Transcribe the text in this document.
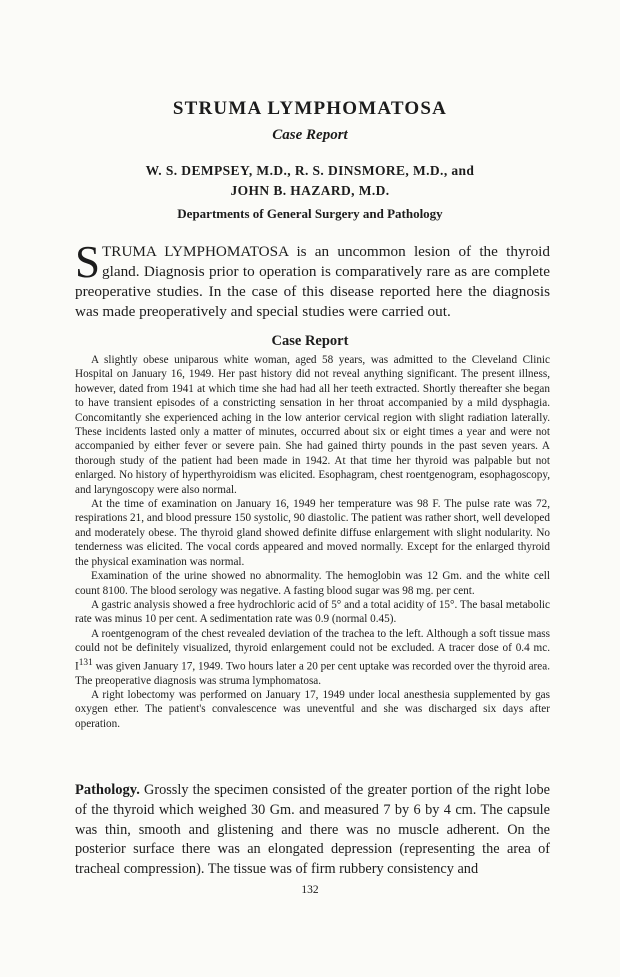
STRUMA LYMPHOMATOSA
Case Report
W. S. DEMPSEY, M.D., R. S. DINSMORE, M.D., and
JOHN B. HAZARD, M.D.

Departments of General Surgery and Pathology

STRUMA LYMPHOMATOSA is an uncommon lesion of the thyroid gland. Diagnosis prior to operation is comparatively rare as are complete preoperative studies. In the case of this disease reported here the diagnosis was made preoperatively and special studies were carried out.

Case Report

A slightly obese uniparous white woman, aged 58 years, was admitted to the Cleveland Clinic Hospital on January 16, 1949. Her past history did not reveal anything significant. The present illness, however, dated from 1941 at which time she had had all her teeth extracted. Shortly thereafter she began to have transient episodes of a constricting sensation in her throat accompanied by a mild dysphagia. Concomitantly she experienced aching in the low anterior cervical region with slight radiation laterally. These incidents lasted only a matter of minutes, occurred about six or eight times a year and were not accompanied by either fever or severe pain. She had gained thirty pounds in the past seven years. A thorough study of the patient had been made in 1942. At that time her thyroid was palpable but not enlarged. No history of hyperthyroidism was elicited. Esophagram, chest roentgenogram, esophagoscopy, and laryngoscopy were also normal.

At the time of examination on January 16, 1949 her temperature was 98 F. The pulse rate was 72, respirations 21, and blood pressure 150 systolic, 90 diastolic. The patient was rather short, well developed and moderately obese. The thyroid gland showed definite diffuse enlargement with slight nodularity. No tenderness was elicited. The vocal cords appeared and moved normally. Except for the enlarged thyroid the physical examination was normal.

Examination of the urine showed no abnormality. The hemoglobin was 12 Gm. and the white cell count 8100. The blood serology was negative. A fasting blood sugar was 98 mg. per cent.

A gastric analysis showed a free hydrochloric acid of 5° and a total acidity of 15°. The basal metabolic rate was minus 10 per cent. A sedimentation rate was 0.9 (normal 0.45).

A roentgenogram of the chest revealed deviation of the trachea to the left. Although a soft tissue mass could not be definitely visualized, thyroid enlargement could not be excluded. A tracer dose of 0.4 mc. $I^{131}$ was given January 17, 1949. Two hours later a 20 per cent uptake was recorded over the thyroid area. The preoperative diagnosis was struma lymphomatosa.

A right lobectomy was performed on January 17, 1949 under local anesthesia supplemented by gas oxygen ether. The patient's convalescence was uneventful and she was discharged six days after operation.

Pathology. Grossly the specimen consisted of the greater portion of the right lobe of the thyroid which weighed 30 Gm. and measured 7 by 6 by 4 cm. The capsule was thin, smooth and glistening and there was no muscle adherent. On the posterior surface there was an elongated depression (representing the area of tracheal compression). The tissue was of firm rubbery consistency and

132
